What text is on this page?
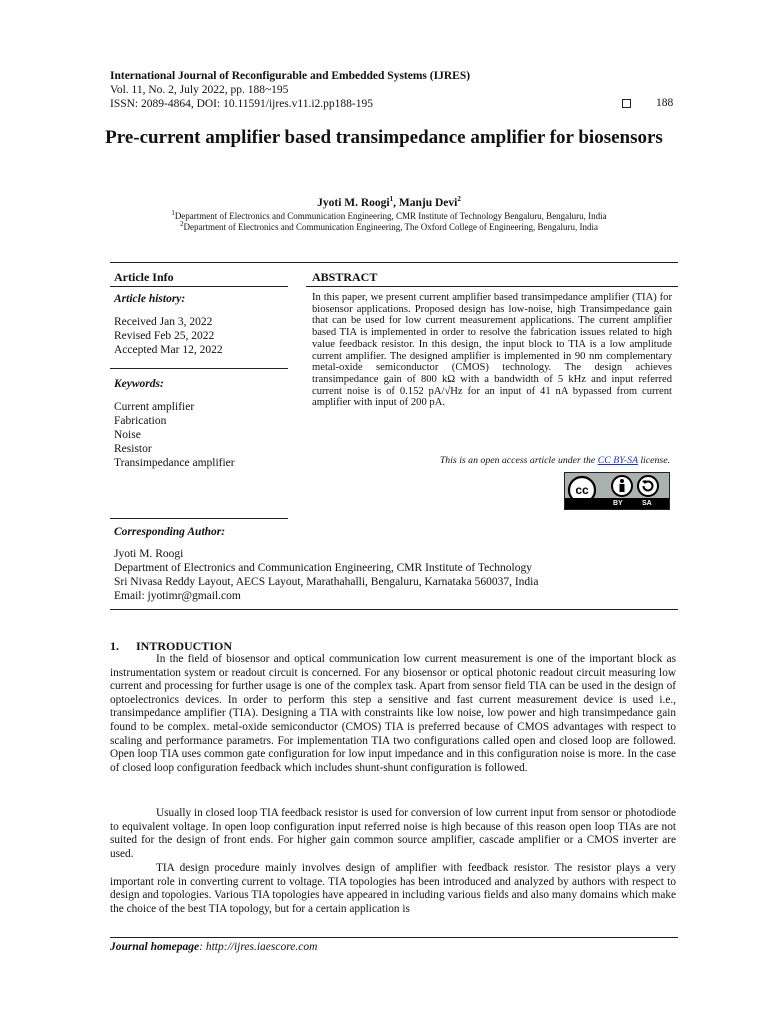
International Journal of Reconfigurable and Embedded Systems (IJRES)
Vol. 11, No. 2, July 2022, pp. 188~195
ISSN: 2089-4864, DOI: 10.11591/ijres.v11.i2.pp188-195	188
Pre-current amplifier based transimpedance amplifier for biosensors
Jyoti M. Roogi$^1$, Manju Devi$^2$
$^1$Department of Electronics and Communication Engineering, CMR Institute of Technology Bengaluru, Bengaluru, India
$^2$Department of Electronics and Communication Engineering, The Oxford College of Engineering, Bengaluru, India
Article Info	ABSTRACT
Article history:
Received Jan 3, 2022
Revised Feb 25, 2022
Accepted Mar 12, 2022
Keywords:
Current amplifier
Fabrication
Noise
Resistor
Transimpedance amplifier
In this paper, we present current amplifier based transimpedance amplifier (TIA) for biosensor applications. Proposed design has low-noise, high Transimpedance gain that can be used for low current measurement applications. The current amplifier based TIA is implemented in order to resolve the fabrication issues related to high value feedback resistor. In this design, the input block to TIA is a low amplitude current amplifier. The designed amplifier is implemented in 90 nm complementary metal-oxide semiconductor (CMOS) technology. The design achieves transimpedance gain of 800 kΩ with a bandwidth of 5 kHz and input referred current noise is of 0.152 pA/√Hz for an input of 41 nA bypassed from current amplifier with input of 200 pA.
This is an open access article under the CC BY-SA license.
cc
BY	SA
Corresponding Author:
Jyoti M. Roogi
Department of Electronics and Communication Engineering, CMR Institute of Technology
Sri Nivasa Reddy Layout, AECS Layout, Marathahalli, Bengaluru, Karnataka 560037, India
Email: jyotimr@gmail.com
1. INTRODUCTION
In the field of biosensor and optical communication low current measurement is one of the important block as instrumentation system or readout circuit is concerned. For any biosensor or optical photonic readout circuit measuring low current and processing for further usage is one of the complex task. Apart from sensor field TIA can be used in the design of optoelectronics devices. In order to perform this step a sensitive and fast current measurement device is used i.e., transimpedance amplifier (TIA). Designing a TIA with constraints like low noise, low power and high transimpedance gain found to be complex. metal-oxide semiconductor (CMOS) TIA is preferred because of CMOS advantages with respect to scaling and performance parametrs. For implementation TIA two configurations called open and closed loop are followed. Open loop TIA uses common gate configuration for low input impedance and in this configuration noise is more. In the case of closed loop configuration feedback which includes shunt-shunt configuration is followed.
Usually in closed loop TIA feedback resistor is used for conversion of low current input from sensor or photodiode to equivalent voltage. In open loop configuration input referred noise is high because of this reason open loop TIAs are not suited for the design of front ends. For higher gain common source amplifier, cascade amplifier or a CMOS inverter are used.
TIA design procedure mainly involves design of amplifier with feedback resistor. The resistor plays a very important role in converting current to voltage. TIA topologies has been introduced and analyzed by authors with respect to design and topologies. Various TIA topologies have appeared in including various fields and also many domains which make the choice of the best TIA topology, but for a certain application is
Journal homepage: http://ijres.iaescore.com
